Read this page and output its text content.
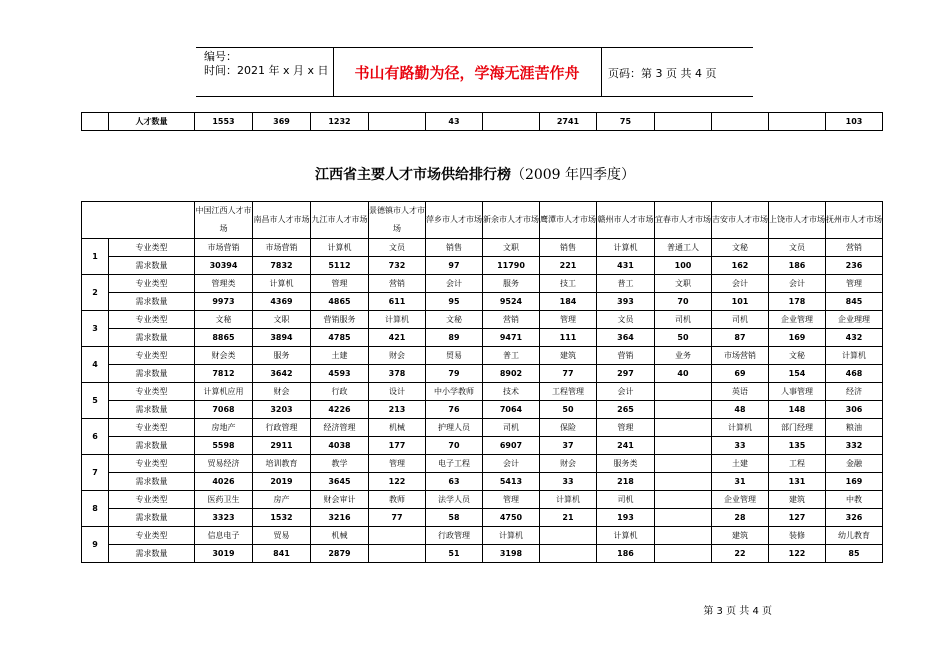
编号：
时间：2021 年 x 月 x 日	书山有路勤为径，学海无涯苦作舟	页码：第 3 页 共 4 页
	人才数量	1553	369	1232		43		2741	75				103
江西省主要人才市场供给排行榜（2009 年四季度）
		中国江西人才市场	南昌市人才市场	九江市人才市场	景德镇市人才市场	萍乡市人才市场	新余市人才市场	鹰潭市人才市场	赣州市人才市场	宜春市人才市场	吉安市人才市场	上饶市人才市场	抚州市人才市场
1	专业类型	市场营销	市场营销	计算机	文员	销售	文职	销售	计算机	普通工人	文秘	文员	营销
	需求数量	30394	7832	5112	732	97	11790	221	431	100	162	186	236
2	专业类型	管理类	计算机	管理	营销	会计	服务	技工	普工	文职	会计	会计	管理
	需求数量	9973	4369	4865	611	95	9524	184	393	70	101	178	845
3	专业类型	文秘	文职	营销服务	计算机	文秘	营销	管理	文员	司机	司机	企业管理	企业理理
	需求数量	8865	3894	4785	421	89	9471	111	364	50	87	169	432
4	专业类型	财会类	服务	土建	财会	贸易	普工	建筑	营销	业务	市场营销	文秘	计算机
	需求数量	7812	3642	4593	378	79	8902	77	297	40	69	154	468
5	专业类型	计算机应用	财会	行政	设计	中小学教师	技术	工程管理	会计		英语	人事管理	经济
	需求数量	7068	3203	4226	213	76	7064	50	265		48	148	306
6	专业类型	房地产	行政管理	经济管理	机械	护理人员	司机	保险	管理		计算机	部门经理	粮油
	需求数量	5598	2911	4038	177	70	6907	37	241		33	135	332
7	专业类型	贸易经济	培训教育	教学	管理	电子工程	会计	财会	服务类		土建	工程	金融
	需求数量	4026	2019	3645	122	63	5413	33	218		31	131	169
8	专业类型	医药卫生	房产	财会审计	教师	法学人员	管理	计算机	司机		企业管理	建筑	中教
	需求数量	3323	1532	3216	77	58	4750	21	193		28	127	326
9	专业类型	信息电子	贸易	机械		行政管理	计算机		计算机		建筑	装修	幼儿教育
	需求数量	3019	841	2879		51	3198		186		22	122	85
第 3 页 共 4 页
